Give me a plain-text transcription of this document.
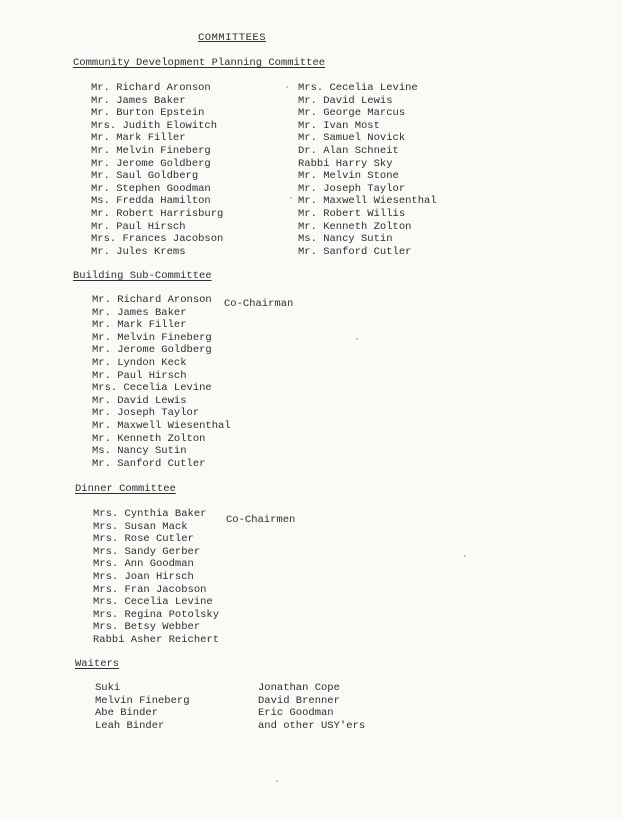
COMMITTEES
Community Development Planning Committee
Mr. Richard Aronson
Mr. James Baker
Mr. Burton Epstein
Mrs. Judith Elowitch
Mr. Mark Filler
Mr. Melvin Fineberg
Mr. Jerome Goldberg
Mr. Saul Goldberg
Mr. Stephen Goodman
Ms. Fredda Hamilton
Mr. Robert Harrisburg
Mr. Paul Hirsch
Mrs. Frances Jacobson
Mr. Jules Krems
Mrs. Cecelia Levine
Mr. David Lewis
Mr. George Marcus
Mr. Ivan Most
Mr. Samuel Novick
Dr. Alan Schneit
Rabbi Harry Sky
Mr. Melvin Stone
Mr. Joseph Taylor
Mr. Maxwell Wiesenthal
Mr. Robert Willis
Mr. Kenneth Zolton
Ms. Nancy Sutin
Mr. Sanford Cutler
Building Sub-Committee
Co-Chairman
Mr. Richard Aronson
Mr. James Baker
Mr. Mark Filler
Mr. Melvin Fineberg
Mr. Jerome Goldberg
Mr. Lyndon Keck
Mr. Paul Hirsch
Mrs. Cecelia Levine
Mr. David Lewis
Mr. Joseph Taylor
Mr. Maxwell Wiesenthal
Mr. Kenneth Zolton
Ms. Nancy Sutin
Mr. Sanford Cutler
Dinner Committee
Co-Chairmen
Mrs. Cynthia Baker
Mrs. Susan Mack
Mrs. Rose Cutler
Mrs. Sandy Gerber
Mrs. Ann Goodman
Mrs. Joan Hirsch
Mrs. Fran Jacobson
Mrs. Cecelia Levine
Mrs. Regina Potolsky
Mrs. Betsy Webber
Rabbi Asher Reichert
Waiters
Suki
Melvin Fineberg
Abe Binder
Leah Binder
Jonathan Cope
David Brenner
Eric Goodman
and other USY'ers
